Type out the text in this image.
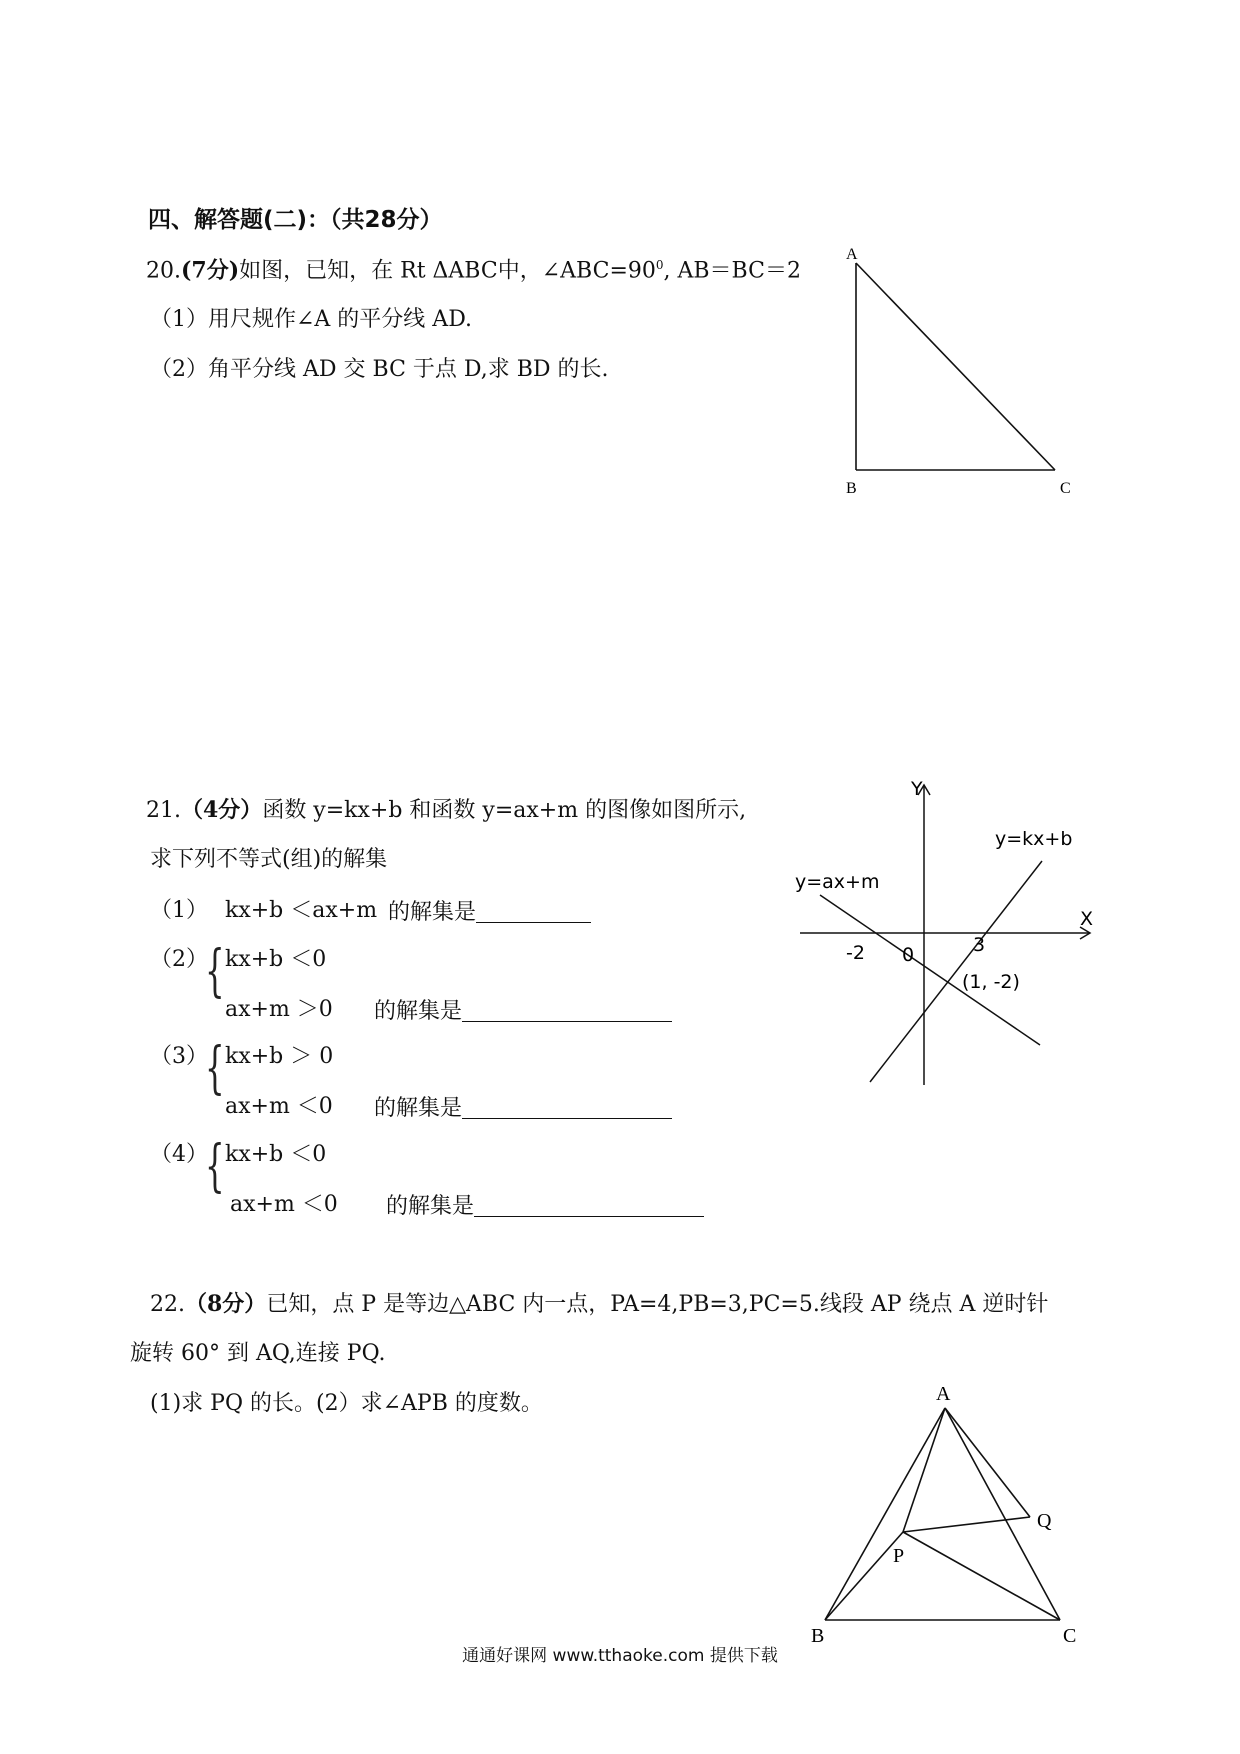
四、解答题(二)：（共28分）
20.(7分)如图，已知，在 Rt ΔABC中，$\angle ABC=90^0$, AB＝BC＝2
（1）用尺规作∠A 的平分线 AD.
（2）角平分线 AD 交 BC 于点 D,求 BD 的长.
A
B	C
21.（4分）函数 y=kx+b 和函数 y=ax+m 的图像如图所示,
求下列不等式(组)的解集
（1） kx+b ＜ax+m 的解集是
（2）
{ kx+b ＜0
ax+m ＞0 的解集是
（3）
{ kx+b ＞ 0
ax+m ＜0 的解集是
（4）
{ kx+b ＜0
ax+m ＜0 的解集是
Y
X
y=kx+b
y=ax+m
-2 0	3
(1, -2)
22.（8分）已知，点 P 是等边△ABC 内一点，PA=4,PB=3,PC=5.线段 AP 绕点 A 逆时针
旋转 60° 到 AQ,连接 PQ.
(1)求 PQ 的长。(2）求∠APB 的度数。	A
B	C
P
Q
通通好课网 www.tthaoke.com 提供下载
